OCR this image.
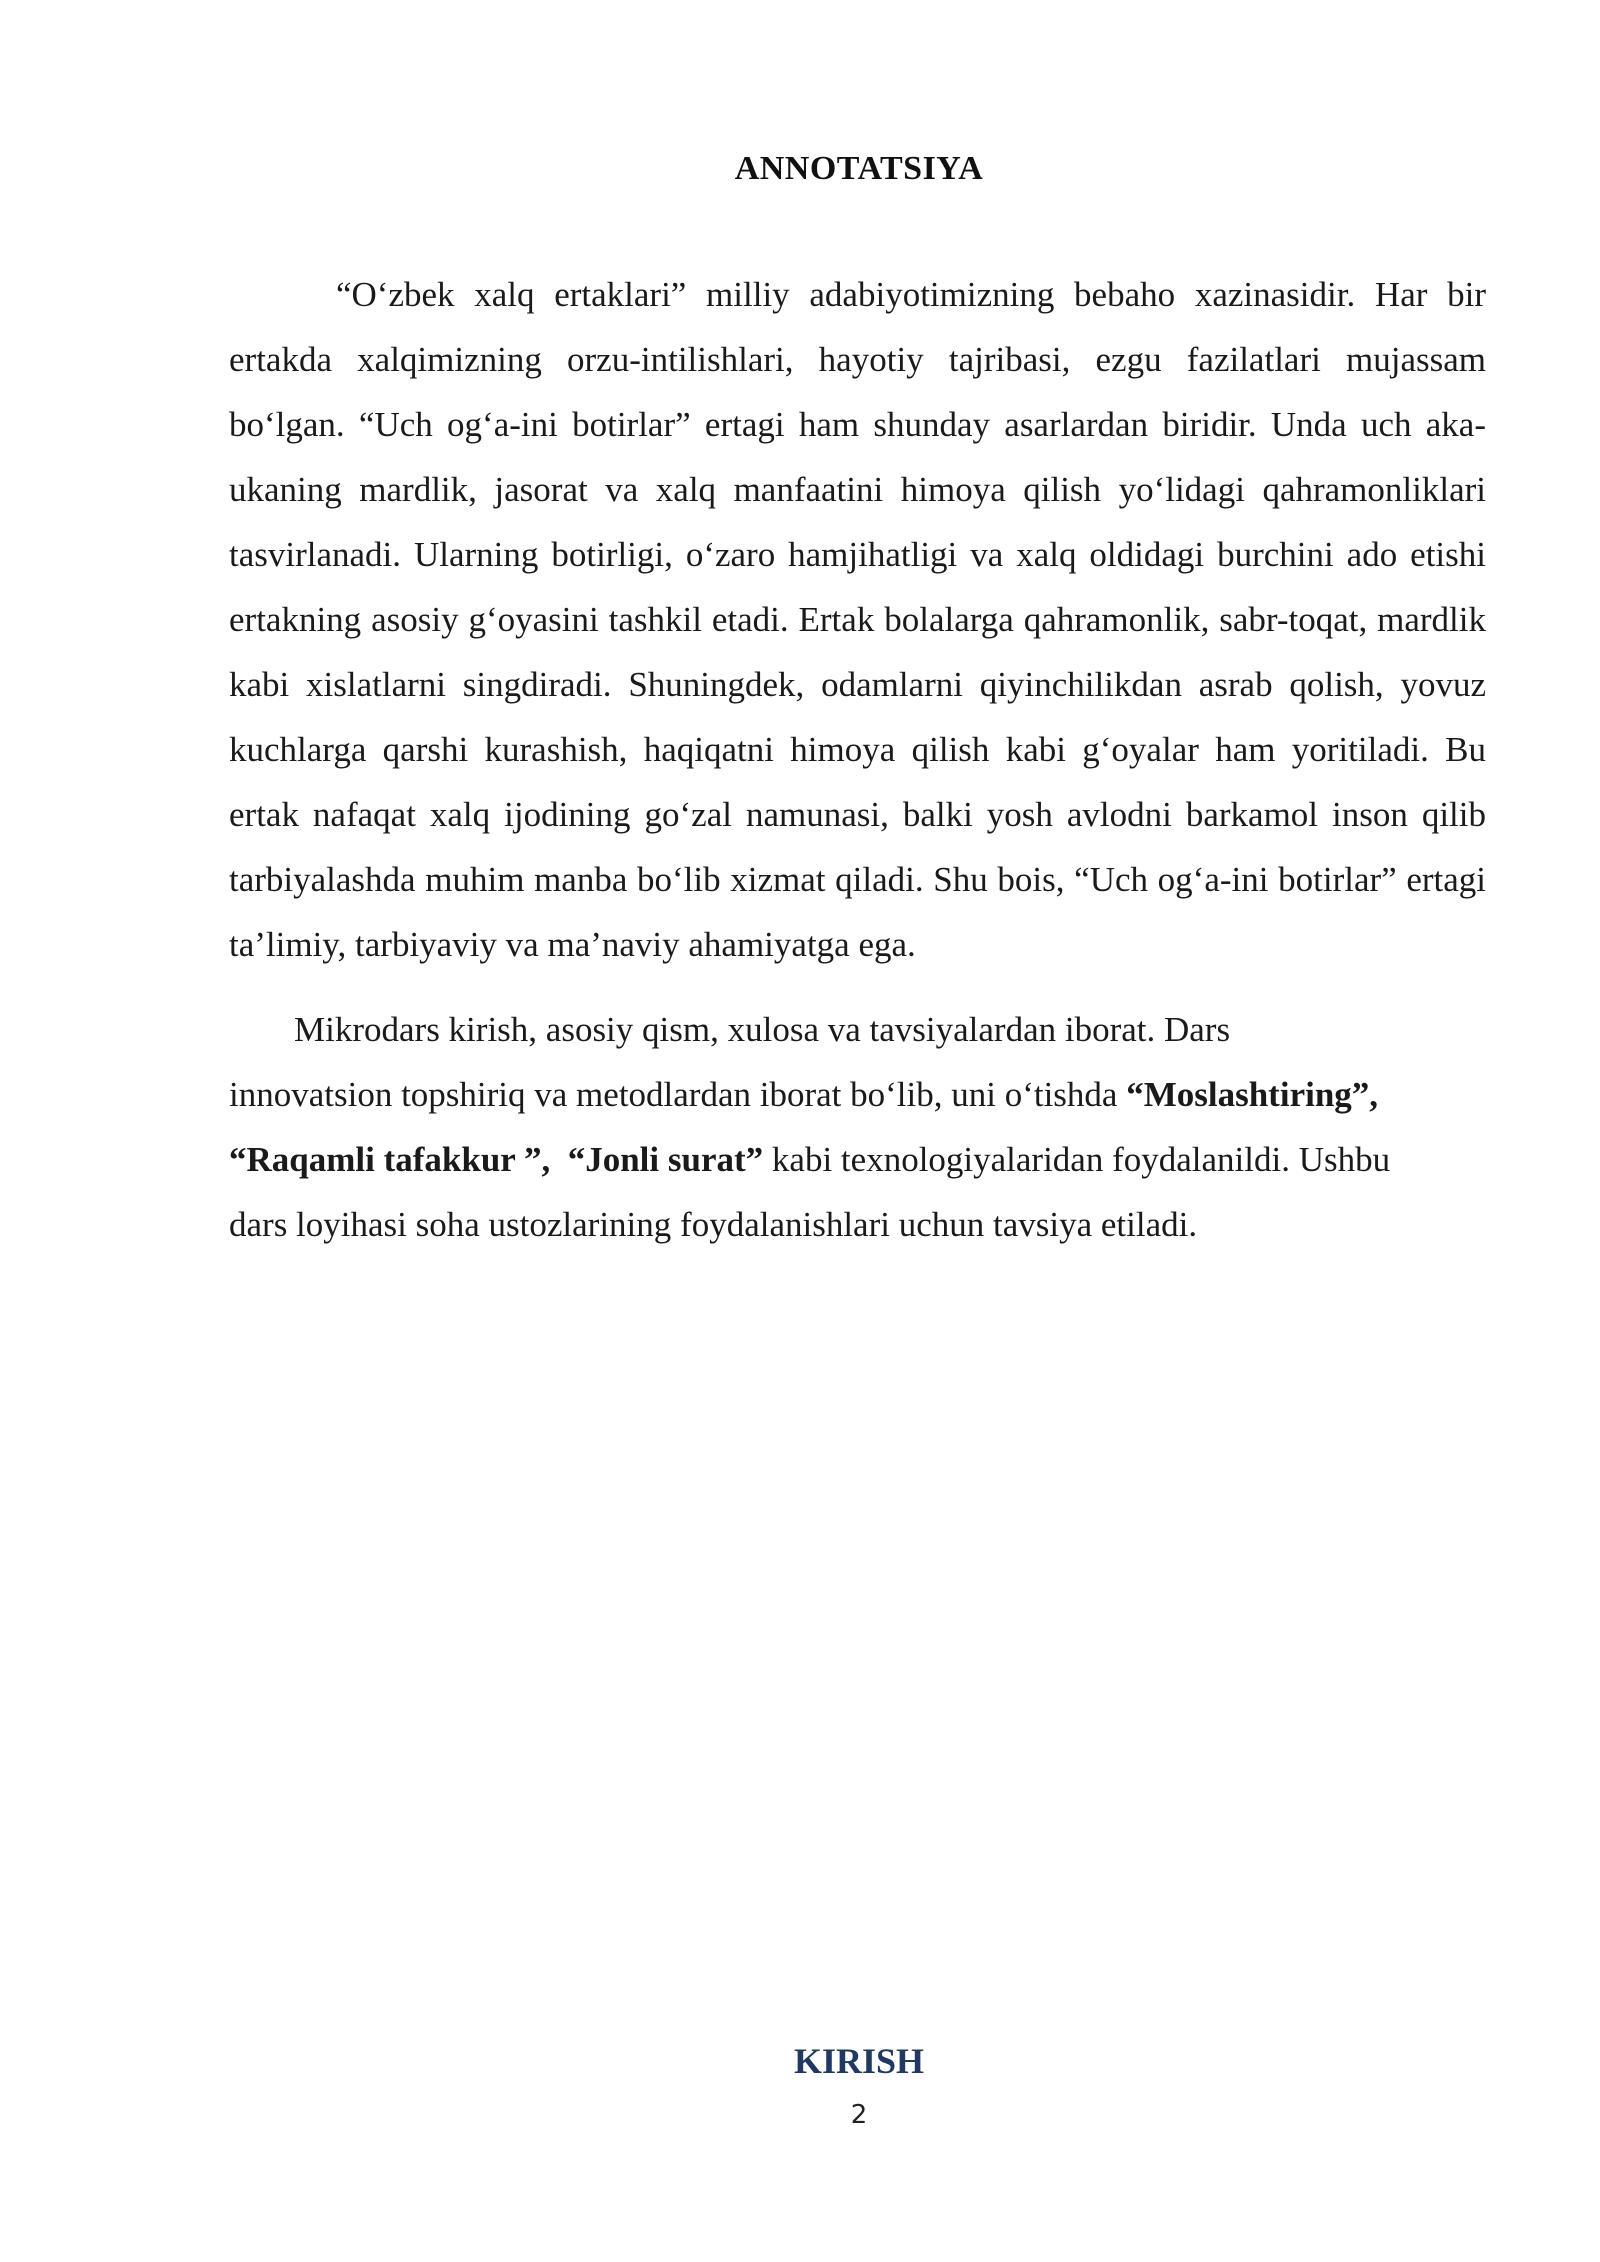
ANNOTATSIYA

“O‘zbek xalq ertaklari” milliy adabiyotimizning bebaho xazinasidir. Har bir ertakda xalqimizning orzu-intilishlari, hayotiy tajribasi, ezgu fazilatlari mujassam bo‘lgan. “Uch og‘a-ini botirlar” ertagi ham shunday asarlardan biridir. Unda uch aka-ukaning mardlik, jasorat va xalq manfaatini himoya qilish yo‘lidagi qahramonliklari tasvirlanadi. Ularning botirligi, o‘zaro hamjihatligi va xalq oldidagi burchini ado etishi ertakning asosiy g‘oyasini tashkil etadi. Ertak bolalarga qahramonlik, sabr-toqat, mardlik kabi xislatlarni singdiradi. Shuningdek, odamlarni qiyinchilikdan asrab qolish, yovuz kuchlarga qarshi kurashish, haqiqatni himoya qilish kabi g‘oyalar ham yoritiladi. Bu ertak nafaqat xalq ijodining go‘zal namunasi, balki yosh avlodni barkamol inson qilib tarbiyalashda muhim manba bo‘lib xizmat qiladi. Shu bois, “Uch og‘a-ini botirlar” ertagi ta’limiy, tarbiyaviy va ma’naviy ahamiyatga ega.

Mikrodars kirish, asosiy qism, xulosa va tavsiyalardan iborat. Dars
innovatsion topshiriq va metodlardan iborat bo‘lib, uni o‘tishda “Moslashtiring”,
“Raqamli tafakkur ”, “Jonli surat” kabi texnologiyalaridan foydalanildi. Ushbu
dars loyihasi soha ustozlarining foydalanishlari uchun tavsiya etiladi.

KIRISH
2
